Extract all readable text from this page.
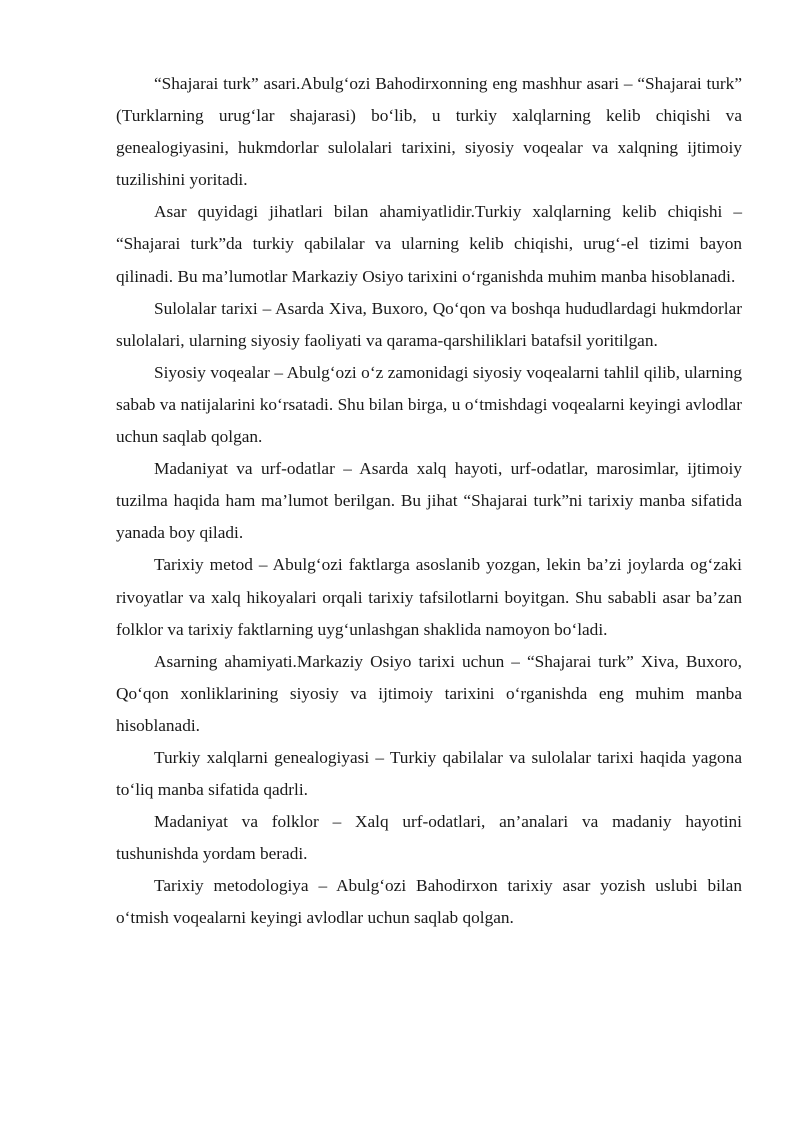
“Shajarai turk” asari.Abulg‘ozi Bahodirxonning eng mashhur asari – “Shajarai turk” (Turklarning urug‘lar shajarasi) bo‘lib, u turkiy xalqlarning kelib chiqishi va genealogiyasini, hukmdorlar sulolalari tarixini, siyosiy voqealar va xalqning ijtimoiy tuzilishini yoritadi.

Asar quyidagi jihatlari bilan ahamiyatlidir.Turkiy xalqlarning kelib chiqishi – “Shajarai turk”da turkiy qabilalar va ularning kelib chiqishi, urug‘-el tizimi bayon qilinadi. Bu ma’lumotlar Markaziy Osiyo tarixini o‘rganishda muhim manba hisoblanadi.

Sulolalar tarixi – Asarda Xiva, Buxoro, Qo‘qon va boshqa hududlardagi hukmdorlar sulolalari, ularning siyosiy faoliyati va qarama-qarshiliklari batafsil yoritilgan.

Siyosiy voqealar – Abulg‘ozi o‘z zamonidagi siyosiy voqealarni tahlil qilib, ularning sabab va natijalarini ko‘rsatadi. Shu bilan birga, u o‘tmishdagi voqealarni keyingi avlodlar uchun saqlab qolgan.

Madaniyat va urf-odatlar – Asarda xalq hayoti, urf-odatlar, marosimlar, ijtimoiy tuzilma haqida ham ma’lumot berilgan. Bu jihat “Shajarai turk”ni tarixiy manba sifatida yanada boy qiladi.

Tarixiy metod – Abulg‘ozi faktlarga asoslanib yozgan, lekin ba’zi joylarda og‘zaki rivoyatlar va xalq hikoyalari orqali tarixiy tafsilotlarni boyitgan. Shu sababli asar ba’zan folklor va tarixiy faktlarning uyg‘unlashgan shaklida namoyon bo‘ladi.

Asarning ahamiyati.Markaziy Osiyo tarixi uchun – “Shajarai turk” Xiva, Buxoro, Qo‘qon xonliklarining siyosiy va ijtimoiy tarixini o‘rganishda eng muhim manba hisoblanadi.

Turkiy xalqlarni genealogiyasi – Turkiy qabilalar va sulolalar tarixi haqida yagona to‘liq manba sifatida qadrli.

Madaniyat va folklor – Xalq urf-odatlari, an’analari va madaniy hayotini tushunishda yordam beradi.

Tarixiy metodologiya – Abulg‘ozi Bahodirxon tarixiy asar yozish uslubi bilan o‘tmish voqealarni keyingi avlodlar uchun saqlab qolgan.
